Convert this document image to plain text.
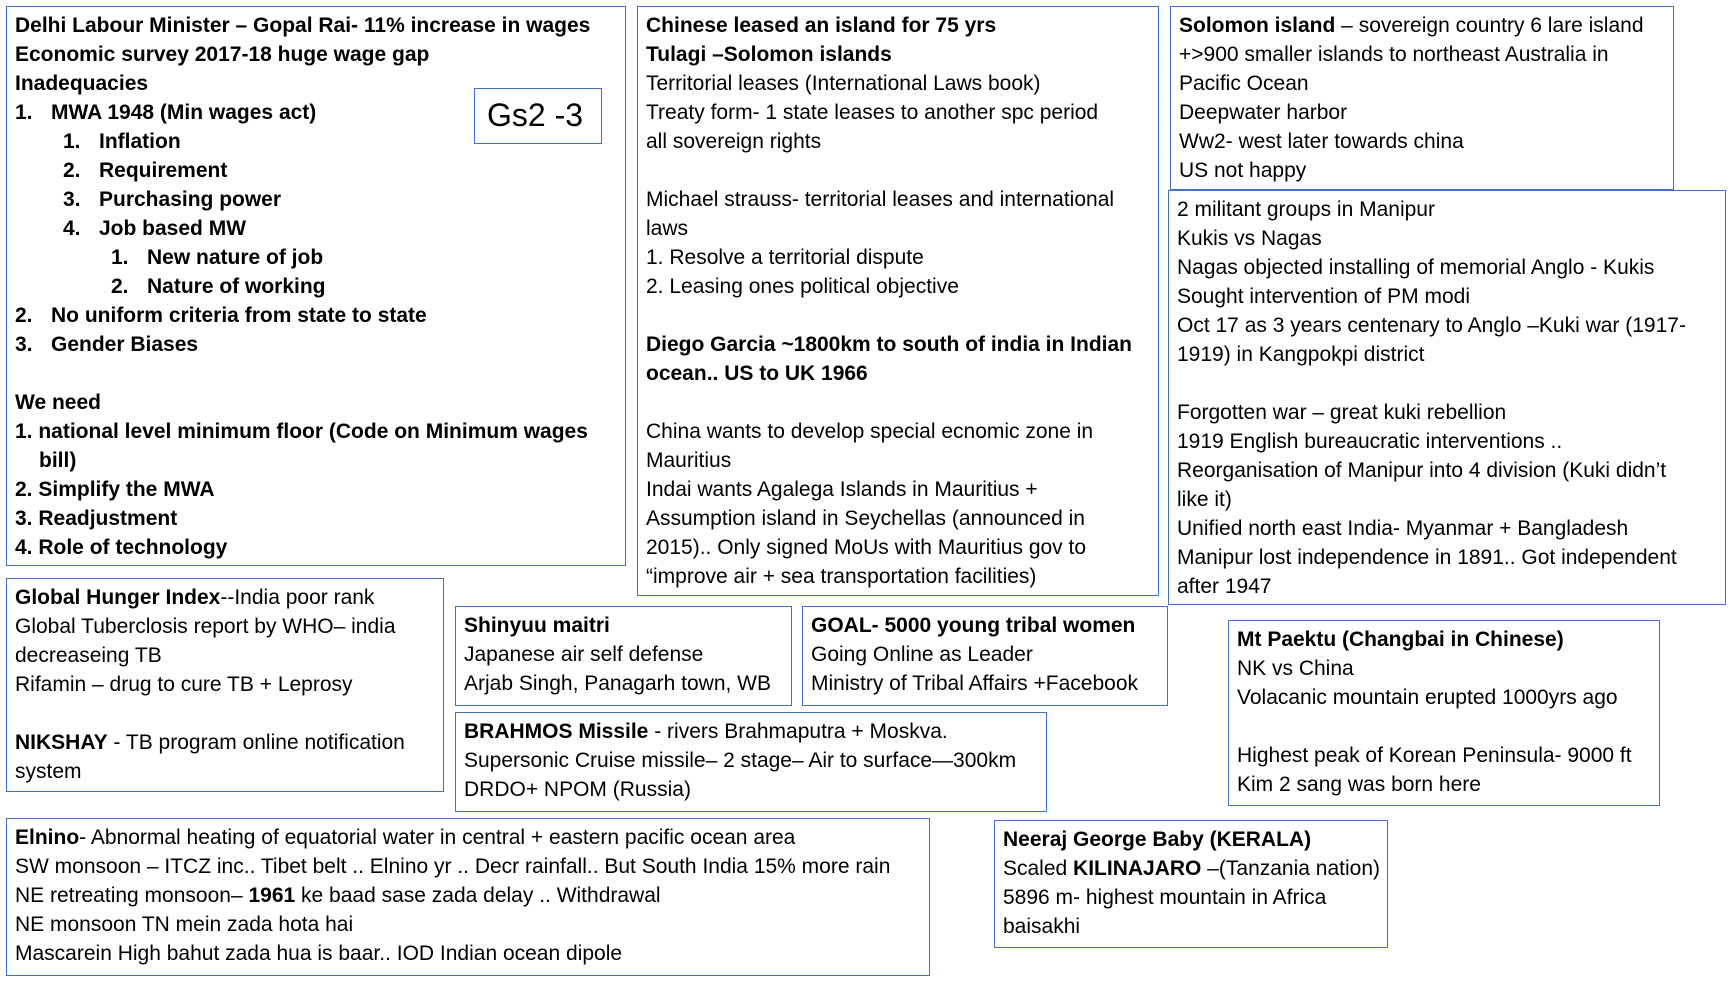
Delhi Labour Minister – Gopal Rai- 11% increase in wages

Economic survey 2017-18 huge wage gap

Inadequacies

1. MWA 1948 (Min wages act)

1. Inflation

2. Requirement

3. Purchasing power

4. Job based MW

1. New nature of job

2. Nature of working

2. No uniform criteria from state to state

3. Gender Biases

We need

1. national level minimum floor (Code on Minimum wages

bill)

2. Simplify the MWA

3. Readjustment

4. Role of technology

Gs2 -3

Chinese leased an island for 75 yrs

Tulagi –Solomon islands

Territorial leases (International Laws book)

Treaty form- 1 state leases to another spc period

all sovereign rights

Michael strauss- territorial leases and international

laws

1. Resolve a territorial dispute

2. Leasing ones political objective

Diego Garcia ~1800km to south of india in Indian

ocean.. US to UK 1966

China wants to develop special ecnomic zone in

Mauritius

Indai wants Agalega Islands in Mauritius +

Assumption island in Seychellas (announced in

2015).. Only signed MoUs with Mauritius gov to

“improve air + sea transportation facilities)

Solomon island – sovereign country 6 lare island

+>900 smaller islands to northeast Australia in

Pacific Ocean

Deepwater harbor

Ww2- west later towards china

US not happy

2 militant groups in Manipur

Kukis vs Nagas

Nagas objected installing of memorial Anglo - Kukis

Sought intervention of PM modi

Oct 17 as 3 years centenary to Anglo –Kuki war (1917-

1919) in Kangpokpi district

Forgotten war – great kuki rebellion

1919 English bureaucratic interventions ..

Reorganisation of Manipur into 4 division (Kuki didn’t

like it)

Unified north east India- Myanmar + Bangladesh

Manipur lost independence in 1891.. Got independent

after 1947

Global Hunger Index--India poor rank

Global Tuberclosis report by WHO– india

decreaseing TB

Rifamin – drug to cure TB + Leprosy

NIKSHAY - TB program online notification

system

Shinyuu maitri

Japanese air self defense

Arjab Singh, Panagarh town, WB

GOAL- 5000 young tribal women

Going Online as Leader

Ministry of Tribal Affairs +Facebook

BRAHMOS Missile - rivers Brahmaputra + Moskva.

Supersonic Cruise missile– 2 stage– Air to surface—300km

DRDO+ NPOM (Russia)

Mt Paektu (Changbai in Chinese)

NK vs China

Volacanic mountain erupted 1000yrs ago

Highest peak of Korean Peninsula- 9000 ft

Kim 2 sang was born here

Elnino- Abnormal heating of equatorial water in central + eastern pacific ocean area

SW monsoon – ITCZ inc.. Tibet belt .. Elnino yr .. Decr rainfall.. But South India 15% more rain

NE retreating monsoon– 1961 ke baad sase zada delay .. Withdrawal

NE monsoon TN mein zada hota hai

Mascarein High bahut zada hua is baar.. IOD Indian ocean dipole

Neeraj George Baby (KERALA)

Scaled KILINAJARO –(Tanzania nation)

5896 m- highest mountain in Africa

baisakhi
